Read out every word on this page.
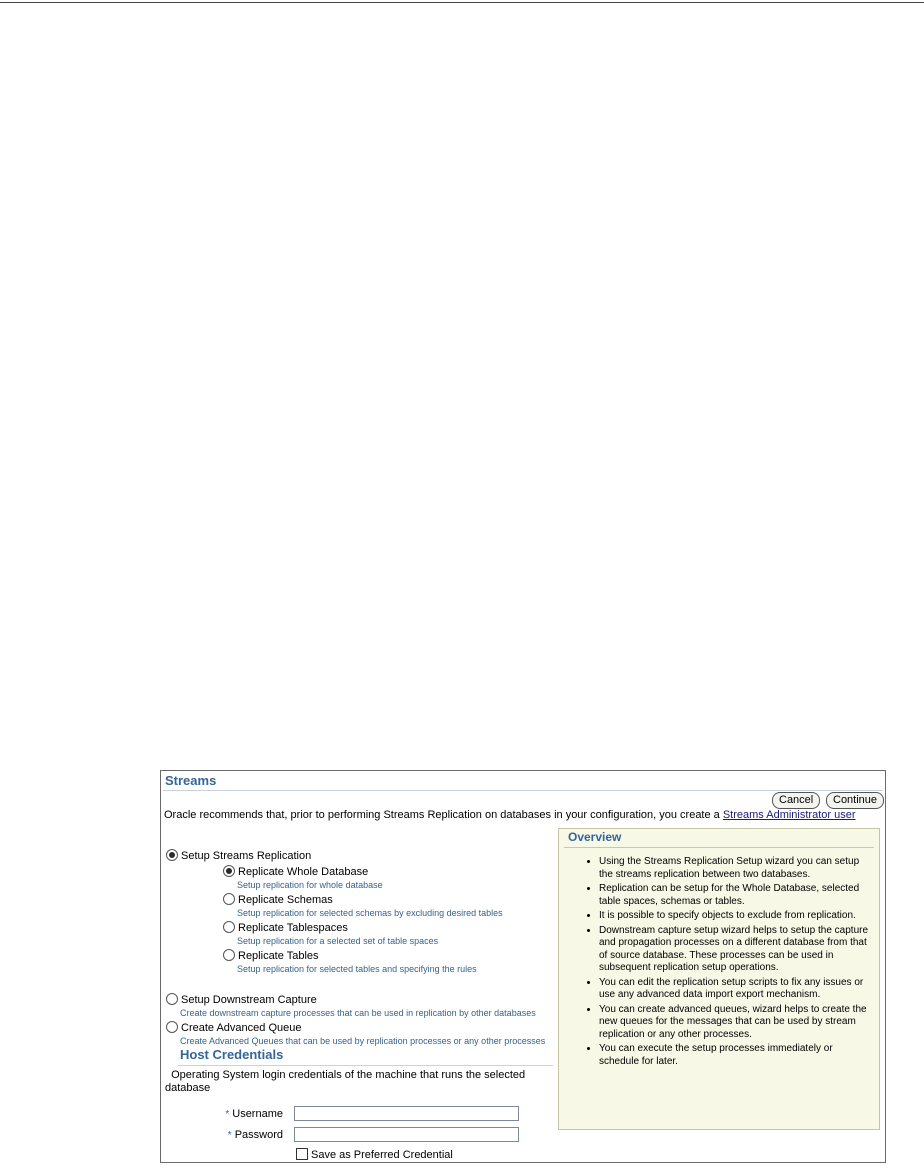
Streams
Cancel	Continue
Oracle recommends that, prior to performing Streams Replication on databases in your configuration, you create a Streams Administrator user
Setup Streams Replication
Replicate Whole Database
Setup replication for whole database
Replicate Schemas
Setup replication for selected schemas by excluding desired tables
Replicate Tablespaces
Setup replication for a selected set of table spaces
Replicate Tables
Setup replication for selected tables and specifying the rules
Setup Downstream Capture
Create downstream capture processes that can be used in replication by other databases
Create Advanced Queue
Create Advanced Queues that can be used by replication processes or any other processes
Host Credentials
Operating System login credentials of the machine that runs the selected database
* Username
* Password
Save as Preferred Credential
Overview
• Using the Streams Replication Setup wizard you can setup the streams replication between two databases.
• Replication can be setup for the Whole Database, selected table spaces, schemas or tables.
• It is possible to specify objects to exclude from replication.
• Downstream capture setup wizard helps to setup the capture and propagation processes on a different database from that of source database. These processes can be used in subsequent replication setup operations.
• You can edit the replication setup scripts to fix any issues or use any advanced data import export mechanism.
• You can create advanced queues, wizard helps to create the new queues for the messages that can be used by stream replication or any other processes.
• You can execute the setup processes immediately or schedule for later.
